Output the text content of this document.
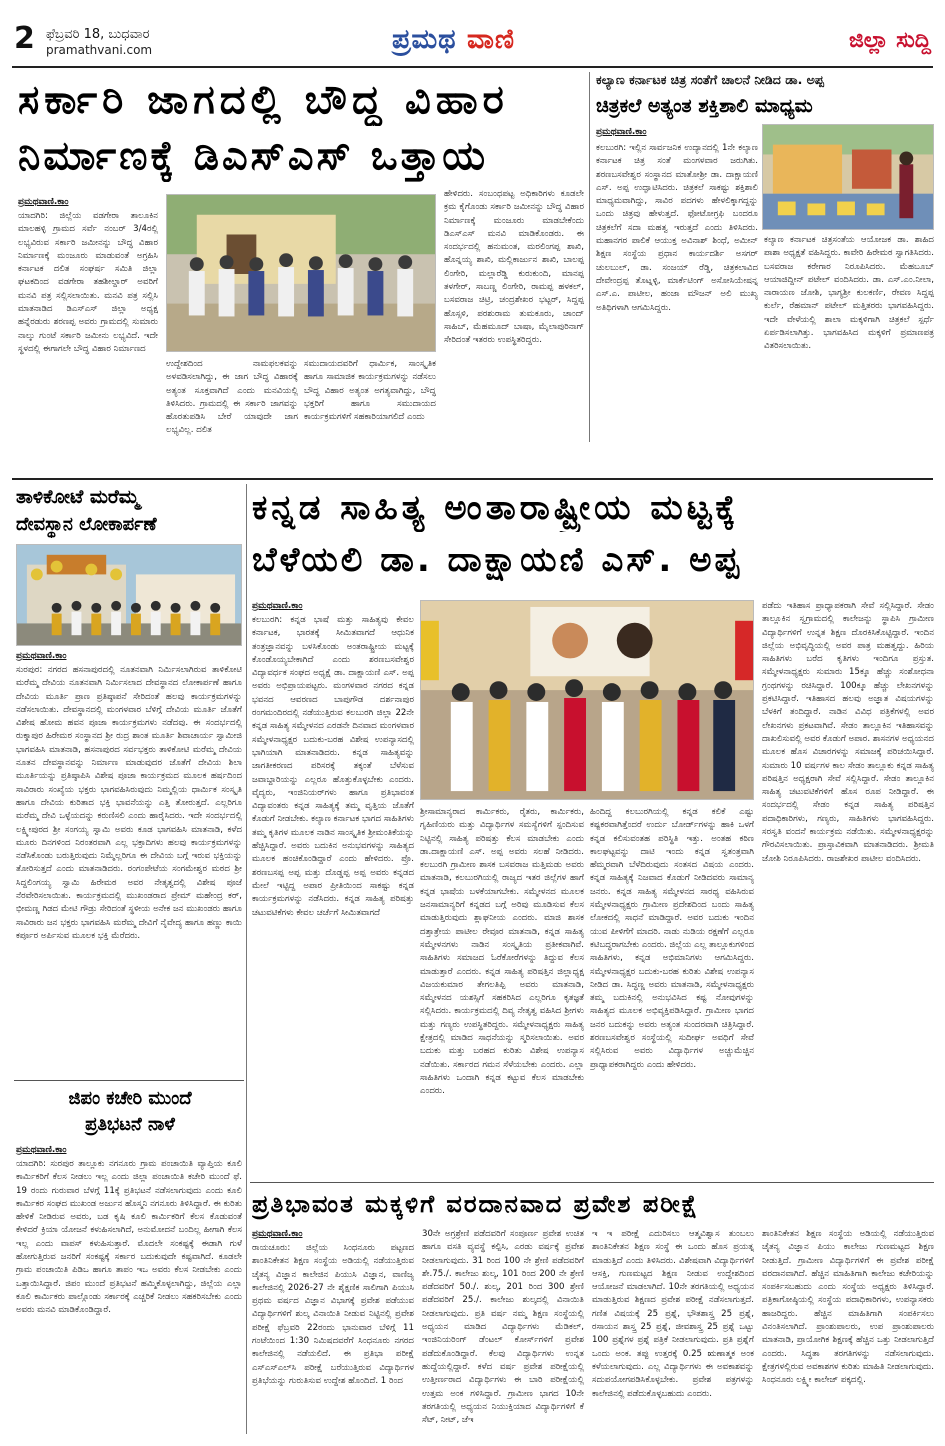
2 ಫೆಬ್ರವರಿ 18, ಬುಧವಾರ
pramathvani.com	ಪ್ರಮಥ ವಾಣಿ	ಜಿಲ್ಲಾ ಸುದ್ದಿ
ಸರ್ಕಾರಿ ಜಾಗದಲ್ಲಿ ಬೌದ್ಧ ವಿಹಾರ
ನಿರ್ಮಾಣಕ್ಕೆ ಡಿಎಸ್‌ಎಸ್ ಒತ್ತಾಯ
ಪ್ರಮಥವಾಣಿ.ಕಾಂ
ಯಾದಗಿರಿ: ಜಿಲ್ಲೆಯ ವಡಗೇರಾ ತಾಲೂಕಿನ ಮಾಲಹಳ್ಳಿ ಗ್ರಾಮದ ಸರ್ವೆ ನಂಬರ್ 3/4ರಲ್ಲಿ ಲಭ್ಯವಿರುವ ಸರ್ಕಾರಿ ಜಮೀನನ್ನು ಬೌದ್ಧ ವಿಹಾರ ನಿರ್ಮಾಣಕ್ಕೆ ಮಂಜೂರು ಮಾಡುವಂತೆ ಅಗ್ರಹಿಸಿ ಕರ್ನಾಟಕ ದಲಿತ ಸಂಘರ್ಷ ಸಮಿತಿ ಜಿಲ್ಲಾ ಘಟಕದಿಂದ ವಡಗೇರಾ ತಹಶೀಲ್ದಾರ್ ಅವರಿಗೆ ಮನವಿ ಪತ್ರ ಸಲ್ಲಿಸಲಾಯಿತು. ಮನವಿ ಪತ್ರ ಸಲ್ಲಿಸಿ ಮಾತನಾಡಿದ ಡಿಎಸ್‌ಎಸ್ ಜಿಲ್ಲಾ ಅಧ್ಯಕ್ಷ ಹನ್ನೆರಡುರು ಶರಣಪ್ಪ ಅವರು ಗ್ರಾಮದಲ್ಲಿ ಸುಮಾರು ನಾಲ್ಕು ಗುಂಟೆ ಸರ್ಕಾರಿ ಜಮೀನು ಲಭ್ಯವಿದೆ. ಇದೇ ಸ್ಥಳದಲ್ಲಿ ಈಗಾಗಲೇ ಬೌದ್ಧ ವಿಹಾರ ನಿರ್ಮಾಣದ
ಉದ್ದೇಶದಿಂದ ನಾಮಫಲಕವನ್ನು ಅಳವಡಿಸಲಾಗಿದ್ದು, ಈ ಜಾಗ ಬೌದ್ಧ ವಿಹಾರಕ್ಕೆ ಅತ್ಯಂತ ಸೂಕ್ತವಾಗಿದೆ ಎಂದು ಮನವಿಯಲ್ಲಿ ತಿಳಿಸಿದರು. ಗ್ರಾಮದಲ್ಲಿ ಈ ಸರ್ಕಾರಿ ಜಾಗವನ್ನು ಹೊರತುಪಡಿಸಿ ಬೇರೆ ಯಾವುದೇ ಜಾಗ ಲಭ್ಯವಿಲ್ಲ. ದಲಿತ
ಸಮುದಾಯದವರಿಗೆ ಧಾರ್ಮಿಕ, ಸಾಂಸ್ಕೃತಿಕ ಹಾಗೂ ಸಾಮಾಜಿಕ ಕಾರ್ಯಕ್ರಮಗಳನ್ನು ನಡೆಸಲು ಬೌದ್ಧ ವಿಹಾರ ಅತ್ಯಂತ ಅಗತ್ಯವಾಗಿದ್ದು, ಬೌದ್ಧ ಭಕ್ತರಿಗೆ ಹಾಗೂ ಸಮುದಾಯದ ಕಾರ್ಯಕ್ರಮಗಳಿಗೆ ಸಹಕಾರಿಯಾಗಲಿದೆ ಎಂದು
ಹೇಳಿದರು. ಸಂಬಂಧಪಟ್ಟ ಅಧಿಕಾರಿಗಳು ಕೂಡಲೇ ಕ್ರಮ ಕೈಗೊಂಡು ಸರ್ಕಾರಿ ಜಮೀನನ್ನು ಬೌದ್ಧ ವಿಹಾರ ನಿರ್ಮಾಣಕ್ಕೆ ಮಂಜೂರು ಮಾಡಬೇಕೆಂದು ಡಿಎಸ್‌ಎಸ್ ಮನವಿ ಮಾಡಿಕೊಂಡರು. ಈ ಸಂದರ್ಭದಲ್ಲಿ ಹನುಮಂತ, ಮರಲಿಂಗಪ್ಪ ಶಾಖಿ, ಹೊನ್ನಯ್ಯ ಶಾಖಿ, ಮಲ್ಲಿಕಾರ್ಜುನ ಶಾಖಿ, ಬಾಲಪ್ಪ ಲಿಂಗೇರಿ, ಮಲ್ಲಾರೆಡ್ಡಿ ಕುರುಕುಂದಿ, ಮಾನಪ್ಪ ತಳಗೇರ್, ಸಾಬಣ್ಣ ಲಿಂಗೇರಿ, ರಾಮಪ್ಪ ಹಳಕಲ್, ಬಸವರಾಜ ಚಿಟ್ರಿ, ಚಂದ್ರಶೇಖರ ಭಟ್ಟರ್, ಸಿದ್ದಪ್ಪ ಹೊಸ್ಸಳಿ, ಪರಶುರಾಮ ತುಮಕೂರು, ಚಾಂದ್ ಸಾಹಿಬ್, ಮೆಹಮೂದ್ ಬಾಷಾ, ಮೈಲಾಪುರಿನಾಗ್ ಸೇರಿದಂತೆ ಇತರರು ಉಪಸ್ಥಿತರಿದ್ದರು.
ಕಲ್ಯಾಣ ಕರ್ನಾಟಕ ಚಿತ್ರ ಸಂತೆಗೆ ಚಾಲನೆ ನೀಡಿದ ಡಾ. ಅಪ್ಪ
ಚಿತ್ರಕಲೆ ಅತ್ಯಂತ ಶಕ್ತಿಶಾಲಿ ಮಾಧ್ಯಮ
ಪ್ರಮಥವಾಣಿ.ಕಾಂ
ಕಲಬುರಗಿ: ಇಲ್ಲಿನ ಸಾರ್ವಜನಿಕ ಉದ್ಯಾನದಲ್ಲಿ 1ನೇ ಕಲ್ಯಾಣ ಕರ್ನಾಟಕ ಚಿತ್ರ ಸಂತೆ ಮಂಗಳವಾರ ಜರುಗಿತು. ಶರಣಬಸವೇಶ್ವರ ಸಂಸ್ಥಾನದ ಮಾತೋಶ್ರೀ ಡಾ. ದಾಕ್ಷಾಯಣಿ ಎಸ್. ಅಪ್ಪ ಉದ್ಘಾಟಿಸಿದರು. ಚಿತ್ರಕಲೆ ಸಾಕಷ್ಟು ಶಕ್ತಿಶಾಲಿ ಮಾಧ್ಯಮವಾಗಿದ್ದು, ಸಾವಿರ ಪದಗಳು ಹೇಳಲಿಕ್ಕಾಗದ್ದನ್ನು ಒಂದು ಚಿತ್ರವು ಹೇಳುತ್ತದೆ. ಫೋಟೋಗ್ರಫಿ ಬಂದರೂ ಚಿತ್ರಕಲೆಗೆ ಸದಾ ಮಹತ್ವ ಇರುತ್ತದೆ ಎಂದು ತಿಳಿಸಿದರು. ಮಹಾನಗರ ಪಾಲಿಕೆ ಆಯುಕ್ತ ಅವಿನಾಶ್ ಶಿಂಧೆ, ಅಮೀನ್ ಶಿಕ್ಷಣ ಸಂಸ್ಥೆಯ ಪ್ರಧಾನ ಕಾರ್ಯದರ್ಶಿ ಅಸಗರ್ ಚುಲಬುಲ್, ಡಾ. ಸಂಜಯ್ ರೆಡ್ಡಿ, ಚಿತ್ರಕಲಾವಿದ ದೇವೇಂದ್ರಪ್ಪ ತೊಟ್ನಳ್ಳಿ, ಮಾರ್ಕೆಟಿಂಗ್ ಅಸೋಸಿಯೇಷನ್ನ ಎಸ್.ಎ. ಪಾಟೀಲ, ಹಂಜಾ ಮೌಜನ್ ಅಲಿ ಮುಖ್ಯ ಅತಿಥಿಗಳಾಗಿ ಆಗಮಿಸಿದ್ದರು.
ಕಲ್ಯಾಣ ಕರ್ನಾಟಕ ಚಿತ್ರಸಂತೆಯ ಆಯೋಜಕ ಡಾ. ಶಾಹಿದ ಪಾಶಾ ಅಧ್ಯಕ್ಷತೆ ವಹಿಸಿದ್ದರು. ಕಾವೇರಿ ಹಿರೇಮಠ ಸ್ವಾಗತಿಸಿದರು. ಬಸವರಾಜ ಕರೇಗಾರ ನಿರೂಪಿಸಿದರು. ಮೆಹಬೂಬ್ ಆಯಾಜಿದ್ದೀನ್ ಪಟೇಲ್ ವಂದಿಸಿದರು. ಡಾ. ಎಸ್.ಎಂ.ನೀಲಾ, ನಾರಾಯಣ ಜೋಶಿ, ಭಾಗ್ಯಶ್ರೀ ಕುಲಕರ್ಣಿ, ರೇವಣ ಸಿದ್ದಪ್ಪ ಕುರ್ಲೆ, ರೆಹಮಾನ್ ಪಟೇಲ್ ಮತ್ತಿತರರು ಭಾಗವಹಿಸಿದ್ದರು. ಇದೇ ವೇಳೆಯಲ್ಲಿ ಶಾಲಾ ಮಕ್ಕಳಿಗಾಗಿ ಚಿತ್ರಕಲೆ ಸ್ಪರ್ಧೆ ಏರ್ಪಡಿಸಲಾಗಿತ್ತು. ಭಾಗವಹಿಸಿದ ಮಕ್ಕಳಿಗೆ ಪ್ರಮಾಣಪತ್ರ ವಿತರಿಸಲಾಯಿತು.
ತಾಳಿಕೋಟೆ ಮರೆಮ್ಮ
ದೇವಸ್ಥಾನ ಲೋಕಾರ್ಪಣೆ
ಪ್ರಮಥವಾಣಿ.ಕಾಂ
ಸುರಪುರ: ನಗರದ ಹಸನಾಪುರದಲ್ಲಿ ನೂತನವಾಗಿ ನಿರ್ಮಿಸಲಾಗಿರುವ ತಾಳಿಕೋಟಿ ಮರೆಮ್ಮ ದೇವಿಯ ನೂತನವಾಗಿ ನಿರ್ಮಿಸಲಾದ ದೇವಸ್ಥಾನದ ಲೋಕಾರ್ಪಣೆ ಹಾಗೂ ದೇವಿಯ ಮೂರ್ತಿ ಪ್ರಾಣ ಪ್ರತಿಷ್ಠಾಪನೆ ಸೇರಿದಂತೆ ಹಲವು ಕಾರ್ಯಕ್ರಮಗಳನ್ನು ನಡೆಸಲಾಯಿತು. ದೇವಸ್ಥಾನದಲ್ಲಿ ಮಂಗಳವಾರ ಬೆಳಿಗ್ಗೆ ದೇವಿಯ ಮೂರ್ತಿ ಜೊತೆಗೆ ವಿಶೇಷ ಹೋಮ ಹವನ ಪೂಜಾ ಕಾರ್ಯಕ್ರಮಗಳು ನಡೆದವು. ಈ ಸಂದರ್ಭದಲ್ಲಿ ರುಕ್ಮಾಪುರ ಹಿರೇಮಠ ಸಂಸ್ಥಾನದ ಶ್ರೀ ರುದ್ರ ಶಾಂತ ಮೂರ್ತಿ ಶಿವಾಚಾರ್ಯ ಸ್ವಾಮೀಜಿ ಭಾಗವಹಿಸಿ ಮಾತನಾಡಿ, ಹಸನಾಪುರದ ಸರ್ವಭಕ್ತರು ತಾಳಿಕೋಟಿ ಮರೆಮ್ಮ ದೇವಿಯ ನೂತನ ದೇವಸ್ಥಾನವನ್ನು ನಿರ್ಮಾಣ ಮಾಡುವುದರ ಜೊತೆಗೆ ದೇವಿಯ ಶಿಲಾ ಮೂರ್ತಿಯನ್ನು ಪ್ರತಿಷ್ಠಾಪಿಸಿ ವಿಶೇಷ ಪೂಜಾ ಕಾರ್ಯಕ್ರಮದ ಮೂಲಕ ಹರ್ಷದಿಂದ ಸಾವಿರಾರು ಸಂಖ್ಯೆಯ ಭಕ್ತರು ಭಾಗವಹಿಸಿರುವುದು ನಿಮ್ಮಲ್ಲಿಯ ಧಾರ್ಮಿಕ ಸಂಸ್ಕೃತಿ ಹಾಗೂ ದೇವಿಯ ಕುರಿತಾದ ಭಕ್ತಿ ಭಾವನೆಯನ್ನು ಎತ್ತಿ ತೋರುತ್ತದೆ. ಎಲ್ಲರಿಗೂ ಮರೆಮ್ಮ ದೇವಿ ಒಳ್ಳೆಯದನ್ನು ಕರುಣಿಸಲಿ ಎಂದು ಹಾರೈಸಿದರು. ಇದೇ ಸಂದರ್ಭದಲ್ಲಿ ಲಕ್ಷ್ಮೀಪುರದ ಶ್ರೀ ಸಂಗಯ್ಯ ಸ್ವಾಮಿ ಅವರು ಕೂಡ ಭಾಗವಹಿಸಿ ಮಾತನಾಡಿ, ಕಳೆದ ಮೂರು ದಿನಗಳಿಂದ ನಿರಂತರವಾಗಿ ಎಲ್ಲ ಭಕ್ತಾದಿಗಳು ಹಲವು ಕಾರ್ಯಕ್ರಮಗಳನ್ನು ನಡೆಸಿಕೊಂಡು ಬರುತ್ತಿರುವುದು ನಿಮ್ಮೆಲ್ಲರಿಗೂ ಈ ದೇವಿಯ ಬಗ್ಗೆ ಇರುವ ಭಕ್ತಿಯನ್ನು ತೋರಿಸುತ್ತದೆ ಎಂದು ಮಾತನಾಡಿದರು. ರಂಗಂಪೇಟೆಯ ಸಂಗಮೇಶ್ವರ ಮಠದ ಶ್ರೀ ಸಿದ್ದಲಿಂಗಯ್ಯ ಸ್ವಾಮಿ ಹಿರೇಮಠ ಅವರ ನೇತೃತ್ವದಲ್ಲಿ ವಿಶೇಷ ಪೂಜೆ ನೆರವೇರಿಸಲಾಯಿತು. ಕಾರ್ಯಕ್ರಮದಲ್ಲಿ ಮುಖಂಡರಾದ ಪ್ರೇಮ್ ಮಹೇಂದ್ರ ಕರ್, ಭೀಮಣ್ಣ ಗಿಡದ ಮೇಟಿ ಗೌಡ್ರು ಸೇರಿದಂತೆ ಸ್ಥಳೀಯ ಅನೇಕ ಜನ ಮುಖಂಡರು ಹಾಗೂ ಸಾವಿರಾರು ಜನ ಭಕ್ತರು ಭಾಗವಹಿಸಿ ಮರೆಮ್ಮ ದೇವಿಗೆ ನೈವೇದ್ಯ ಹಾಗೂ ಹಣ್ಣು ಕಾಯಿ ಕರ್ಪೂರ ಅರ್ಪಿಸುವ ಮೂಲಕ ಭಕ್ತಿ ಮೆರೆದರು.
ಜಿಪಂ ಕಚೇರಿ ಮುಂದೆ
ಪ್ರತಿಭಟನೆ ನಾಳೆ
ಪ್ರಮಥವಾಣಿ.ಕಾಂ
ಯಾದಗಿರಿ: ಸುರಪುರ ತಾಲ್ಲೂಕು ನಗನೂರು ಗ್ರಾಮ ಪಂಚಾಯಿತಿ ವ್ಯಾಪ್ತಿಯ ಕೂಲಿ ಕಾರ್ಮಿಕರಿಗೆ ಕೆಲಸ ನೀಡಲು ಇಲ್ಲ ಎಂದು ಜಿಲ್ಲಾ ಪಂಚಾಯಿತಿ ಕಚೇರಿ ಮುಂದೆ ಫೆ. 19 ರಂದು ಗುರುವಾರ ಬೆಳಗ್ಗೆ 11ಕ್ಕೆ ಪ್ರತಿಭಟನೆ ನಡೆಸಲಾಗುವುದು ಎಂದು ಕೂಲಿ ಕಾರ್ಮಿಕರ ಸಂಘದ ಮುಖಂಡ ಅರ್ಜುನ ಹೊಸ್ಮನಿ ನಗನೂರು ತಿಳಿಸಿದ್ದಾರೆ. ಈ ಕುರಿತು ಹೇಳಿಕೆ ನೀಡಿರುವ ಅವರು, ಬಡ ಕೃಷಿ ಕೂಲಿ ಕಾರ್ಮಿಕರಿಗೆ ಕೆಲಸ ಕೊಡುವಂತೆ ಕೇಳಿದರೆ ಕ್ರಿಯಾ ಯೋಜನೆ ಕಳುಹಿಸಲಾಗಿದೆ, ಅನುಮೋದನೆ ಬಂದಿಲ್ಲ ಹೀಗಾಗಿ ಕೆಲಸ ಇಲ್ಲ ಎಂದು ವಾಪಸ್ ಕಳುಹಿಸುತ್ತಾರೆ. ಮೊದಲೇ ಸಂಕಷ್ಟಕ್ಕೆ ಈಡಾಗಿ ಗುಳೆ ಹೋಗುತ್ತಿರುವ ಜನರಿಗೆ ಸಂಕಷ್ಟಕ್ಕೆ ಸರ್ಕಾರ ಬದುಕುವುದೇ ಕಷ್ಟವಾಗಿದೆ. ಕೂಡಲೇ ಗ್ರಾಮ ಪಂಚಾಯಿತಿ ಪಿಡಿಒ ಹಾಗೂ ತಾಪಂ ಇಒ ಅವರು ಕೆಲಸ ನೀಡಬೇಕು ಎಂದು ಒತ್ತಾಯಿಸಿದ್ದಾರೆ. ಜಿಪಂ ಮುಂದೆ ಪ್ರತಿಭಟನೆ ಹಮ್ಮಿಕೊಳ್ಳಲಾಗಿದ್ದು, ಜಿಲ್ಲೆಯ ಎಲ್ಲಾ ಕೂಲಿ ಕಾರ್ಮಿಕರು ಪಾಲ್ಗೊಂಡು ಸರ್ಕಾರಕ್ಕೆ ಎಚ್ಚರಿಕೆ ನೀಡಲು ಸಹಕರಿಸಬೇಕು ಎಂದು ಅವರು ಮನವಿ ಮಾಡಿಕೊಂಡಿದ್ದಾರೆ.
ಕನ್ನಡ ಸಾಹಿತ್ಯ ಅಂತಾರಾಷ್ಟ್ರೀಯ ಮಟ್ಟಕ್ಕೆ
ಬೆಳೆಯಲಿ ಡಾ. ದಾಕ್ಷಾಯಣಿ ಎಸ್. ಅಪ್ಪ
ಪ್ರಮಥವಾಣಿ.ಕಾಂ
ಕಲಬುರಗಿ: ಕನ್ನಡ ಭಾಷೆ ಮತ್ತು ಸಾಹಿತ್ಯವು ಕೇವಲ ಕರ್ನಾಟಕ, ಭಾರತಕ್ಕೆ ಸೀಮಿತವಾಗದೆ ಆಧುನಿಕ ತಂತ್ರಜ್ಞಾನವನ್ನು ಬಳಸಿಕೊಂಡು ಅಂತರಾಷ್ಟ್ರೀಯ ಮಟ್ಟಕ್ಕೆ ಕೊಂಡೊಯ್ಯಬೇಕಾಗಿದೆ ಎಂದು ಶರಣಬಸವೇಶ್ವರ ವಿದ್ಯಾವರ್ಧಕ ಸಂಘದ ಅಧ್ಯಕ್ಷೆ ಡಾ. ದಾಕ್ಷಾಯಣಿ ಎಸ್. ಅಪ್ಪ ಅವರು ಅಭಿಪ್ರಾಯಪಟ್ಟರು. ಮಂಗಳವಾರ ನಗರದ ಕನ್ನಡ ಭವನದ ಆವರಣದ ಬಾಪುಗೌಡ ದರ್ಶನಾಪುರ ರಂಗಮಂದಿರದಲ್ಲಿ ನಡೆಯುತ್ತಿರುವ ಕಲಬುರಗಿ ಜಿಲ್ಲಾ 22ನೇ ಕನ್ನಡ ಸಾಹಿತ್ಯ ಸಮ್ಮೇಳನದ ಎರಡನೇ ದಿನವಾದ ಮಂಗಳವಾರ ಸಮ್ಮೇಳನಾಧ್ಯಕ್ಷರ ಬದುಕು-ಬರಹ ವಿಶೇಷ ಉಪನ್ಯಾಸದಲ್ಲಿ ಭಾಗಿಯಾಗಿ ಮಾತನಾಡಿದರು. ಕನ್ನಡ ಸಾಹಿತ್ಯವನ್ನು ಜಾಗತೀಕರಣದ ಪರಿಸರಕ್ಕೆ ತಕ್ಕಂತೆ ಬೆಳೆಸುವ ಜವಾಬ್ದಾರಿಯನ್ನು ಎಲ್ಲರೂ ಹೊತ್ತುಕೊಳ್ಳಬೇಕು ಎಂದರು. ವೈದ್ಯರು, ಇಂಜಿನಿಯರ್‌ಗಳು ಹಾಗೂ ಪ್ರತಿಭಾವಂತ ವಿದ್ಯಾವಂತರು ಕನ್ನಡ ಸಾಹಿತ್ಯಕ್ಕೆ ತಮ್ಮ ವೃತ್ತಿಯ ಜೊತೆಗೆ ಕೊಡುಗೆ ನೀಡಬೇಕು. ಕಲ್ಯಾಣ ಕರ್ನಾಟಕ ಭಾಗದ ಸಾಹಿತಿಗಳು ತಮ್ಮ ಕೃತಿಗಳ ಮೂಲಕ ನಾಡಿನ ಸಾಂಸ್ಕೃತಿಕ ಶ್ರೀಮಂತಿಕೆಯನ್ನು ಹೆಚ್ಚಿಸಿದ್ದಾರೆ. ಅವರು ಬದುಕಿನ ಅನುಭವಗಳನ್ನು ಸಾಹಿತ್ಯದ ಮೂಲಕ ಹಂಚಿಕೊಂಡಿದ್ದಾರೆ ಎಂದು ಹೇಳಿದರು. ಪ್ರೊ. ಶರಣಬಸಪ್ಪ ಅಪ್ಪ ಮತ್ತು ದೊಡ್ಡಪ್ಪ ಅಪ್ಪ ಅವರು ಕನ್ನಡದ ಮೇಲೆ ಇಟ್ಟಿದ್ದ ಅಪಾರ ಪ್ರೀತಿಯಿಂದ ಸಾಕಷ್ಟು ಕನ್ನಡ ಕಾರ್ಯಕ್ರಮಗಳನ್ನು ನಡೆಸಿದರು. ಕನ್ನಡ ಸಾಹಿತ್ಯ ಪರಿಷತ್ತು ಚಟುವಟಿಕೆಗಳು ಕೇವಲ ಚರ್ಚೆಗೆ ಸೀಮಿತವಾಗದೆ
ಶ್ರೀಸಾಮಾನ್ಯರಾದ ಕಾರ್ಮಿಕರು, ರೈತರು, ಕಾರ್ಮಿಕರು, ಗೃಹಿಣಿಯರು ಮತ್ತು ವಿದ್ಯಾರ್ಥಿಗಳ ಸಮಸ್ಯೆಗಳಿಗೆ ಸ್ಪಂದಿಸುವ ನಿಟ್ಟಿನಲ್ಲಿ ಸಾಹಿತ್ಯ ಪರಿಷತ್ತು ಕೆಲಸ ಮಾಡಬೇಕು ಎಂದು ಡಾ.ದಾಕ್ಷಾಯಣಿ ಎಸ್. ಅಪ್ಪ ಅವರು ಸಲಹೆ ನೀಡಿದರು. ಕಲಬುರಗಿ ಗ್ರಾಮೀಣ ಶಾಸಕ ಬಸವರಾಜ ಮತ್ತಿಮಡು ಅವರು ಮಾತನಾಡಿ, ಕಲಬುರಗಿಯಲ್ಲಿ ರಾಜ್ಯದ ಇತರ ಜಿಲ್ಲೆಗಳ ಹಾಗೆ ಕನ್ನಡ ಭಾಷೆಯ ಬಳಕೆಯಾಗಬೇಕು. ಸಮ್ಮೇಳನದ ಮೂಲಕ ಜನಸಾಮಾನ್ಯರಿಗೆ ಕನ್ನಡದ ಬಗ್ಗೆ ಅರಿವು ಮೂಡಿಸುವ ಕೆಲಸ ಮಾಡುತ್ತಿರುವುದು ಶ್ಲಾಘನೀಯ ಎಂದರು. ಮಾಜಿ ಶಾಸಕ ದತ್ತಾತ್ರೇಯ ಪಾಟೀಲ ರೇವೂರ ಮಾತನಾಡಿ, ಕನ್ನಡ ಸಾಹಿತ್ಯ ಸಮ್ಮೇಳನಗಳು ನಾಡಿನ ಸಂಸ್ಕೃತಿಯ ಪ್ರತೀಕವಾಗಿವೆ. ಸಾಹಿತಿಗಳು ಸಮಾಜದ ಓರೆಕೋರೆಗಳನ್ನು ತಿದ್ದುವ ಕೆಲಸ ಮಾಡುತ್ತಾರೆ ಎಂದರು. ಕನ್ನಡ ಸಾಹಿತ್ಯ ಪರಿಷತ್ತಿನ ಜಿಲ್ಲಾಧ್ಯಕ್ಷ ವಿಜಯಕುಮಾರ ತೇಗಲತಿಪ್ಪಿ ಅವರು ಮಾತನಾಡಿ, ಸಮ್ಮೇಳನದ ಯಶಸ್ಸಿಗೆ ಸಹಕರಿಸಿದ ಎಲ್ಲರಿಗೂ ಕೃತಜ್ಞತೆ ಸಲ್ಲಿಸಿದರು. ಕಾರ್ಯಕ್ರಮದಲ್ಲಿ ದಿವ್ಯ ನೇತೃತ್ವ ವಹಿಸಿದ ಶ್ರೀಗಳು ಮತ್ತು ಗಣ್ಯರು ಉಪಸ್ಥಿತರಿದ್ದರು. ಸಮ್ಮೇಳನಾಧ್ಯಕ್ಷರು ಸಾಹಿತ್ಯ ಕ್ಷೇತ್ರದಲ್ಲಿ ಮಾಡಿದ ಸಾಧನೆಯನ್ನು ಸ್ಮರಿಸಲಾಯಿತು. ಅವರ ಬದುಕು ಮತ್ತು ಬರಹದ ಕುರಿತು ವಿಶೇಷ ಉಪನ್ಯಾಸ ನಡೆಯಿತು. ಸರ್ಕಾರದ ಗಮನ ಸೆಳೆಯಬೇಕು ಎಂದರು. ಎಲ್ಲಾ ಸಾಹಿತಿಗಳು ಒಂದಾಗಿ ಕನ್ನಡ ಕಟ್ಟುವ ಕೆಲಸ ಮಾಡಬೇಕು ಎಂದರು.
ಹಿಂದಿದ್ದ ಕಲಬುರಗಿಯಲ್ಲಿ ಕನ್ನಡ ಕಲಿಕೆ ಎಷ್ಟು ಕಷ್ಟಕರವಾಗಿತ್ತೆಂದರೆ ಉರ್ದು ಬೋರ್ಡ್‌ಗಳನ್ನು ಹಾಕಿ ಒಳಗೆ ಕನ್ನಡ ಕಲಿಸುವಂತಹ ಪರಿಸ್ಥಿತಿ ಇತ್ತು. ಅಂತಹ ಕಠಿಣ ಕಾಲಘಟ್ಟವನ್ನು ದಾಟಿ ಇಂದು ಕನ್ನಡ ಸ್ವತಂತ್ರವಾಗಿ ಹೆಮ್ಮರವಾಗಿ ಬೆಳೆದಿರುವುದು ಸಂತಸದ ವಿಷಯ ಎಂದರು. ಕನ್ನಡ ಸಾಹಿತ್ಯಕ್ಕೆ ನಿಜವಾದ ಕೊಡುಗೆ ನೀಡಿದವರು ಸಾಮಾನ್ಯ ಜನರು. ಕನ್ನಡ ಸಾಹಿತ್ಯ ಸಮ್ಮೇಳನದ ಸಾರಥ್ಯ ವಹಿಸಿರುವ ಸಮ್ಮೇಳನಾಧ್ಯಕ್ಷರು ಗ್ರಾಮೀಣ ಪ್ರದೇಶದಿಂದ ಬಂದು ಸಾಹಿತ್ಯ ಲೋಕದಲ್ಲಿ ಸಾಧನೆ ಮಾಡಿದ್ದಾರೆ. ಅವರ ಬದುಕು ಇಂದಿನ ಯುವ ಪೀಳಿಗೆಗೆ ಮಾದರಿ. ನಾಡು ನುಡಿಯ ರಕ್ಷಣೆಗೆ ಎಲ್ಲರೂ ಕಟಿಬದ್ಧರಾಗಬೇಕು ಎಂದರು. ಜಿಲ್ಲೆಯ ಎಲ್ಲ ತಾಲ್ಲೂಕುಗಳಿಂದ ಸಾಹಿತಿಗಳು, ಕನ್ನಡ ಅಭಿಮಾನಿಗಳು ಆಗಮಿಸಿದ್ದರು. ಸಮ್ಮೇಳನಾಧ್ಯಕ್ಷರ ಬದುಕು-ಬರಹ ಕುರಿತು ವಿಶೇಷ ಉಪನ್ಯಾಸ ನೀಡಿದ ಡಾ. ಸಿದ್ಧಣ್ಣ ಅವರು ಮಾತನಾಡಿ, ಸಮ್ಮೇಳನಾಧ್ಯಕ್ಷರು ತಮ್ಮ ಬದುಕಿನಲ್ಲಿ ಅನುಭವಿಸಿದ ಕಷ್ಟ ನೋವುಗಳನ್ನು ಸಾಹಿತ್ಯದ ಮೂಲಕ ಅಭಿವ್ಯಕ್ತಿಪಡಿಸಿದ್ದಾರೆ. ಗ್ರಾಮೀಣ ಭಾಗದ ಜನರ ಬದುಕನ್ನು ಅವರು ಅತ್ಯಂತ ಸುಂದರವಾಗಿ ಚಿತ್ರಿಸಿದ್ದಾರೆ. ಶರಣಬಸವೇಶ್ವರ ಸಂಸ್ಥೆಯಲ್ಲಿ ಸುದೀರ್ಘ ಅವಧಿಗೆ ಸೇವೆ ಸಲ್ಲಿಸಿರುವ ಅವರು ವಿದ್ಯಾರ್ಥಿಗಳ ಅಚ್ಚುಮೆಚ್ಚಿನ ಪ್ರಾಧ್ಯಾಪಕರಾಗಿದ್ದರು ಎಂದು ಹೇಳಿದರು.
ಪಡೆದು ಇತಿಹಾಸ ಪ್ರಾಧ್ಯಾಪಕರಾಗಿ ಸೇವೆ ಸಲ್ಲಿಸಿದ್ದಾರೆ. ಸೇಡಂ ತಾಲ್ಲೂಕಿನ ಸ್ವಗ್ರಾಮದಲ್ಲಿ ಕಾಲೇಜನ್ನು ಸ್ಥಾಪಿಸಿ ಗ್ರಾಮೀಣ ವಿದ್ಯಾರ್ಥಿಗಳಿಗೆ ಉನ್ನತ ಶಿಕ್ಷಣ ದೊರಕಿಸಿಕೊಟ್ಟಿದ್ದಾರೆ. ಇಂದಿನ ಜಿಲ್ಲೆಯ ಅಭಿವೃದ್ಧಿಯಲ್ಲಿ ಅವರ ಪಾತ್ರ ಮಹತ್ವದ್ದು. ಹಿರಿಯ ಸಾಹಿತಿಗಳು ಬರೆದ ಕೃತಿಗಳು ಇಂದಿಗೂ ಪ್ರಸ್ತುತ. ಸಮ್ಮೇಳನಾಧ್ಯಕ್ಷರು ಸುಮಾರು 15ಕ್ಕೂ ಹೆಚ್ಚು ಸಂಶೋಧನಾ ಗ್ರಂಥಗಳನ್ನು ರಚಿಸಿದ್ದಾರೆ. 100ಕ್ಕೂ ಹೆಚ್ಚು ಲೇಖನಗಳನ್ನು ಪ್ರಕಟಿಸಿದ್ದಾರೆ. ಇತಿಹಾಸದ ಹಲವು ಅಜ್ಞಾತ ವಿಷಯಗಳನ್ನು ಬೆಳಕಿಗೆ ತಂದಿದ್ದಾರೆ. ನಾಡಿನ ವಿವಿಧ ಪತ್ರಿಕೆಗಳಲ್ಲಿ ಅವರ ಲೇಖನಗಳು ಪ್ರಕಟವಾಗಿವೆ. ಸೇಡಂ ತಾಲ್ಲೂಕಿನ ಇತಿಹಾಸವನ್ನು ದಾಖಲಿಸುವಲ್ಲಿ ಅವರ ಕೊಡುಗೆ ಅಪಾರ. ಶಾಸನಗಳ ಅಧ್ಯಯನದ ಮೂಲಕ ಹೊಸ ವಿಚಾರಗಳನ್ನು ಸಮಾಜಕ್ಕೆ ಪರಿಚಯಿಸಿದ್ದಾರೆ. ಸುಮಾರು 10 ವರ್ಷಗಳ ಕಾಲ ಸೇಡಂ ತಾಲ್ಲೂಕು ಕನ್ನಡ ಸಾಹಿತ್ಯ ಪರಿಷತ್ತಿನ ಅಧ್ಯಕ್ಷರಾಗಿ ಸೇವೆ ಸಲ್ಲಿಸಿದ್ದಾರೆ. ಸೇಡಂ ತಾಲ್ಲೂಕಿನ ಸಾಹಿತ್ಯ ಚಟುವಟಿಕೆಗಳಿಗೆ ಹೊಸ ರೂಪ ನೀಡಿದ್ದಾರೆ. ಈ ಸಂದರ್ಭದಲ್ಲಿ ಸೇಡಂ ಕನ್ನಡ ಸಾಹಿತ್ಯ ಪರಿಷತ್ತಿನ ಪದಾಧಿಕಾರಿಗಳು, ಗಣ್ಯರು, ಸಾಹಿತಿಗಳು ಭಾಗವಹಿಸಿದ್ದರು. ಸರಸ್ವತಿ ವಂದನೆ ಕಾರ್ಯಕ್ರಮ ನಡೆಯಿತು. ಸಮ್ಮೇಳನಾಧ್ಯಕ್ಷರನ್ನು ಗೌರವಿಸಲಾಯಿತು. ಪ್ರಾಸ್ತಾವಿಕವಾಗಿ ಮಾತನಾಡಿದರು. ಶ್ರೀಮತಿ ಜೋಶಿ ನಿರೂಪಿಸಿದರು. ರಾಜಶೇಖರ ಪಾಟೀಲ ವಂದಿಸಿದರು.
ಪ್ರತಿಭಾವಂತ ಮಕ್ಕಳಿಗೆ ವರದಾನವಾದ ಪ್ರವೇಶ ಪರೀಕ್ಷೆ
ಪ್ರಮಥವಾಣಿ.ಕಾಂ
ರಾಯಚೂರು: ಜಿಲ್ಲೆಯ ಸಿಂಧನೂರು ಪಟ್ಟಣದ ಶಾಂತಿನಿಕೇತನ ಶಿಕ್ಷಣ ಸಂಸ್ಥೆಯ ಅಡಿಯಲ್ಲಿ ನಡೆಯುತ್ತಿರುವ ಚೈತನ್ಯ ವಿಜ್ಞಾನ ಕಾಲೇಜಿನ ಪಿಯುಸಿ ವಿಜ್ಞಾನ, ವಾಣಿಜ್ಯ ಕಾಲೇಜಿನಲ್ಲಿ 2026-27 ನೇ ಶೈಕ್ಷಣಿಕ ಸಾಲಿಗಾಗಿ ಪಿಯುಸಿ ಪ್ರಥಮ ವರ್ಷದ ವಿಜ್ಞಾನ ವಿಭಾಗಕ್ಕೆ ಪ್ರವೇಶ ಪಡೆಯುವ ವಿದ್ಯಾರ್ಥಿಗಳಿಗೆ ಶುಲ್ಕ ವಿನಾಯಿತಿ ನೀಡುವ ನಿಟ್ಟಿನಲ್ಲಿ ಪ್ರವೇಶ ಪರೀಕ್ಷೆ ಫೆಬ್ರವರಿ 22ರಂದು ಭಾನುವಾರ ಬೆಳಿಗ್ಗೆ 11 ಗಂಟೆಯಿಂದ 1:30 ನಿಮಿಷದವರೆಗೆ ಸಿಂಧನೂರು ನಗರದ ಕಾಲೇಜಿನಲ್ಲಿ ನಡೆಯಲಿದೆ. ಈ ಪ್ರತಿಭಾ ಪರೀಕ್ಷೆ ಎಸ್ಎಸ್ಎಲ್‌ಸಿ ಪರೀಕ್ಷೆ ಬರೆಯುತ್ತಿರುವ ವಿದ್ಯಾರ್ಥಿಗಳ ಪ್ರತಿಭೆಯನ್ನು ಗುರುತಿಸುವ ಉದ್ದೇಶ ಹೊಂದಿದೆ. 1 ರಿಂದ
30ನೇ ಅಗ್ರಶ್ರೇಣಿ ಪಡೆದವರಿಗೆ ಸಂಪೂರ್ಣ ಪ್ರವೇಶ ಉಚಿತ ಹಾಗೂ ವಸತಿ ವ್ಯವಸ್ಥೆ ಕಲ್ಪಿಸಿ, ಎರಡು ವರ್ಷಕ್ಕೆ ಪ್ರವೇಶ ನೀಡಲಾಗುವುದು. 31 ರಿಂದ 100 ನೇ ಶ್ರೇಣಿ ಪಡೆದವರಿಗೆ ಶೇ.75./. ಕಾಲೇಜು ಶುಲ್ಕ, 101 ರಿಂದ 200 ನೇ ಶ್ರೇಣಿ ಪಡೆದವರಿಗೆ 50./. ಶುಲ್ಕ, 201 ರಿಂದ 300 ಶ್ರೇಣಿ ಪಡೆದವರಿಗೆ 25./. ಕಾಲೇಜು ಶುಲ್ಕದಲ್ಲಿ ವಿನಾಯಿತಿ ನೀಡಲಾಗುವುದು. ಪ್ರತಿ ವರ್ಷ ನಮ್ಮ ಶಿಕ್ಷಣ ಸಂಸ್ಥೆಯಲ್ಲಿ ಅಧ್ಯಯನ ಮಾಡಿದ ವಿದ್ಯಾರ್ಥಿಗಳು ಮೆಡಿಕಲ್, ಇಂಜಿನಿಯರಿಂಗ್ ಡೆಂಟಲ್ ಕೋರ್ಸ್‌ಗಳಿಗೆ ಪ್ರವೇಶ ಪಡೆದುಕೊಂಡಿದ್ದಾರೆ. ಕೆಲವು ವಿದ್ಯಾರ್ಥಿಗಳು ಉನ್ನತ ಹುದ್ದೆಯಲ್ಲಿದ್ದಾರೆ. ಕಳೆದ ವರ್ಷ ಪ್ರವೇಶ ಪರೀಕ್ಷೆಯಲ್ಲಿ ಉತ್ತೀರ್ಣರಾದ ವಿದ್ಯಾರ್ಥಿಗಳು ಈ ಬಾರಿ ಪರೀಕ್ಷೆಯಲ್ಲಿ ಉತ್ತಮ ಅಂಕ ಗಳಿಸಿದ್ದಾರೆ. ಗ್ರಾಮೀಣ ಭಾಗದ 10ನೇ ತರಗತಿಯಲ್ಲಿ ಅಧ್ಯಯನ ನಿಯುಕ್ತಿಯಾದ ವಿದ್ಯಾರ್ಥಿಗಳಿಗೆ ಕೆ ಸೆಟ್, ನೀಟ್, ಜೆಇ
ಇ ಇ ಪರೀಕ್ಷೆ ಎದುರಿಸಲು ಆತ್ಮವಿಶ್ವಾಸ ತುಂಬಲು ಶಾಂತಿನಿಕೇತನ ಶಿಕ್ಷಣ ಸಂಸ್ಥೆ ಈ ಒಂದು ಹೊಸ ಪ್ರಯತ್ನ ಮಾಡುತ್ತಿದೆ ಎಂದು ತಿಳಿಸಿದರು. ವಿಶೇಷವಾಗಿ ವಿದ್ಯಾರ್ಥಿಗಳಿಗೆ ಆಸಕ್ತಿ, ಗುಣಮಟ್ಟದ ಶಿಕ್ಷಣ ನೀಡುವ ಉದ್ದೇಶದಿಂದ ಆಯೋಜನೆ ಮಾಡಲಾಗಿದೆ. 10ನೇ ತರಗತಿಯಲ್ಲಿ ಅಧ್ಯಯನ ಮಾಡುತ್ತಿರುವ ಶಿಕ್ಷಣದ ಪ್ರವೇಶ ಪರೀಕ್ಷೆ ನಡೆಸಲಾಗುತ್ತದೆ. ಗಣಿತ ವಿಷಯಕ್ಕೆ 25 ಪ್ರಶ್ನೆ, ಭೌತಶಾಸ್ತ್ರ 25 ಪ್ರಶ್ನೆ, ರಸಾಯನ ಶಾಸ್ತ್ರ 25 ಪ್ರಶ್ನೆ, ಜೀವಶಾಸ್ತ್ರ 25 ಪ್ರಶ್ನೆ ಒಟ್ಟು 100 ಪ್ರಶ್ನೆಗಳ ಪ್ರಶ್ನೆ ಪತ್ರಿಕೆ ನೀಡಲಾಗುವುದು. ಪ್ರತಿ ಪ್ರಶ್ನೆಗೆ ಒಂದು ಅಂಕ. ತಪ್ಪು ಉತ್ತರಕ್ಕೆ 0.25 ಋಣಾತ್ಮಕ ಅಂಕ ಕಳೆಯಲಾಗುವುದು. ಎಲ್ಲ ವಿದ್ಯಾರ್ಥಿಗಳು ಈ ಅವಕಾಶವನ್ನು ಸದುಪಯೋಗಪಡಿಸಿಕೊಳ್ಳಬೇಕು. ಪ್ರವೇಶ ಪತ್ರಗಳನ್ನು ಕಾಲೇಜಿನಲ್ಲಿ ಪಡೆದುಕೊಳ್ಳಬಹುದು ಎಂದರು.
ಶಾಂತಿನಿಕೇತನ ಶಿಕ್ಷಣ ಸಂಸ್ಥೆಯ ಅಡಿಯಲ್ಲಿ ನಡೆಯುತ್ತಿರುವ ಚೈತನ್ಯ ವಿಜ್ಞಾನ ಪಿಯು ಕಾಲೇಜು ಗುಣಮಟ್ಟದ ಶಿಕ್ಷಣ ನೀಡುತ್ತಿದೆ. ಗ್ರಾಮೀಣ ವಿದ್ಯಾರ್ಥಿಗಳಿಗೆ ಈ ಪ್ರವೇಶ ಪರೀಕ್ಷೆ ವರದಾನವಾಗಿದೆ. ಹೆಚ್ಚಿನ ಮಾಹಿತಿಗಾಗಿ ಕಾಲೇಜು ಕಚೇರಿಯನ್ನು ಸಂಪರ್ಕಿಸಬಹುದು ಎಂದು ಸಂಸ್ಥೆಯ ಅಧ್ಯಕ್ಷರು ತಿಳಿಸಿದ್ದಾರೆ. ಪತ್ರಿಕಾಗೋಷ್ಠಿಯಲ್ಲಿ ಸಂಸ್ಥೆಯ ಪದಾಧಿಕಾರಿಗಳು, ಉಪನ್ಯಾಸಕರು ಹಾಜರಿದ್ದರು. ಹೆಚ್ಚಿನ ಮಾಹಿತಿಗಾಗಿ ಸಂಪರ್ಕಿಸಲು ವಿನಂತಿಸಲಾಗಿದೆ. ಪ್ರಾಂಶುಪಾಲರು, ಉಪ ಪ್ರಾಂಶುಪಾಲರು ಮಾತನಾಡಿ, ಪ್ರಾಯೋಗಿಕ ಶಿಕ್ಷಣಕ್ಕೆ ಹೆಚ್ಚಿನ ಒತ್ತು ನೀಡಲಾಗುತ್ತಿದೆ ಎಂದರು. ಸಿದ್ಧತಾ ತರಗತಿಗಳನ್ನು ನಡೆಸಲಾಗುವುದು. ಕ್ಷೇತ್ರಗಳಲ್ಲಿರುವ ಅವಕಾಶಗಳ ಕುರಿತು ಮಾಹಿತಿ ನೀಡಲಾಗುವುದು. ಸಿಂಧನೂರು ಲಕ್ಷ್ಮೀ ಕಾಲೇಜ್ ಪಕ್ಕದಲ್ಲಿ.
